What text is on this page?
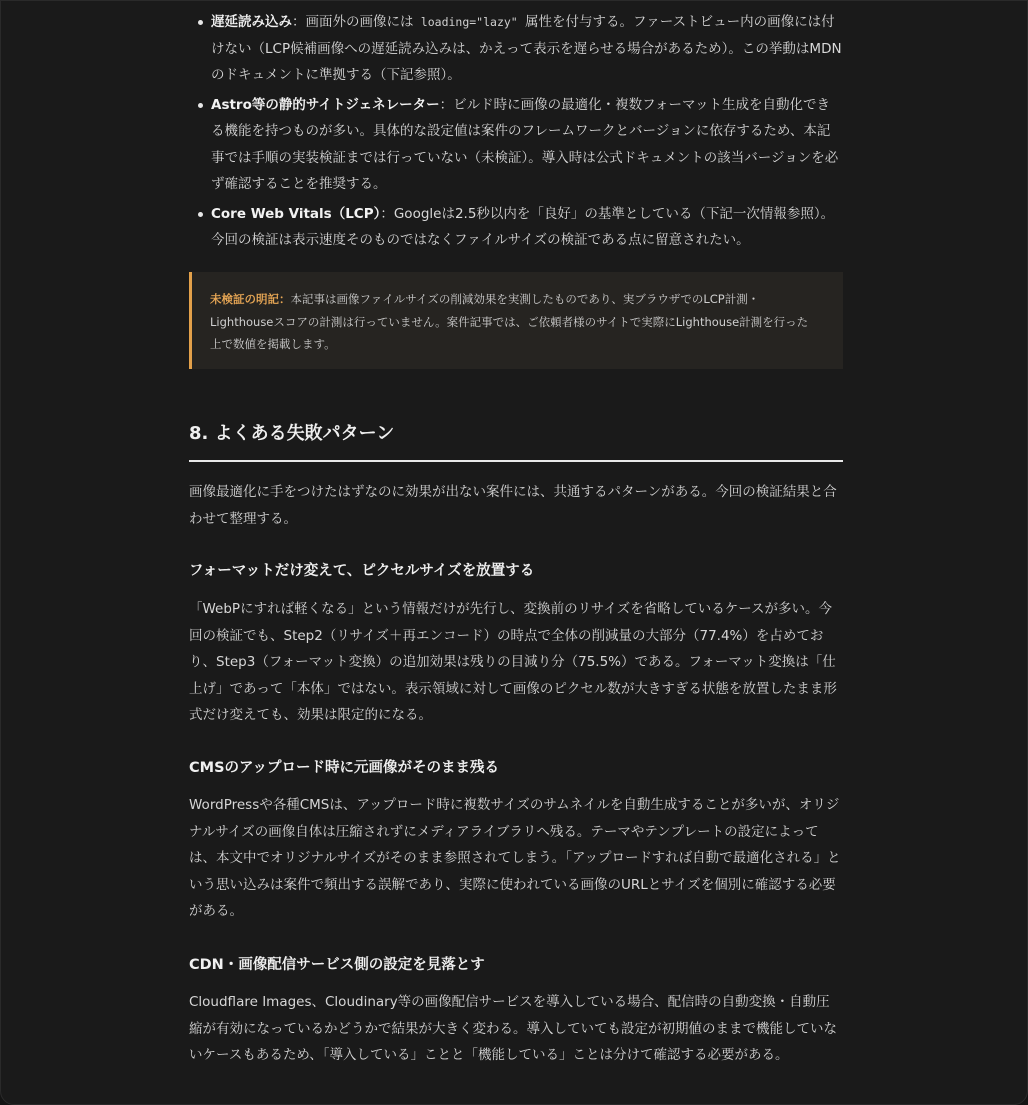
遅延読み込み：画面外の画像には loading="lazy" 属性を付与する。ファーストビュー内の画像には付けない（LCP候補画像への遅延読み込みは、かえって表示を遅らせる場合があるため）。この挙動はMDNのドキュメントに準拠する（下記参照）。
Astro等の静的サイトジェネレーター：ビルド時に画像の最適化・複数フォーマット生成を自動化できる機能を持つものが多い。具体的な設定値は案件のフレームワークとバージョンに依存するため、本記事では手順の実装検証までは行っていない（未検証）。導入時は公式ドキュメントの該当バージョンを必ず確認することを推奨する。
Core Web Vitals（LCP）：Googleは2.5秒以内を「良好」の基準としている（下記一次情報参照）。今回の検証は表示速度そのものではなくファイルサイズの検証である点に留意されたい。
未検証の明記：本記事は画像ファイルサイズの削減効果を実測したものであり、実ブラウザでのLCP計測・Lighthouseスコアの計測は行っていません。案件記事では、ご依頼者様のサイトで実際にLighthouse計測を行った上で数値を掲載します。
8. よくある失敗パターン

画像最適化に手をつけたはずなのに効果が出ない案件には、共通するパターンがある。今回の検証結果と合わせて整理する。

フォーマットだけ変えて、ピクセルサイズを放置する

「WebPにすれば軽くなる」という情報だけが先行し、変換前のリサイズを省略しているケースが多い。今回の検証でも、Step2（リサイズ＋再エンコード）の時点で全体の削減量の大部分（77.4%）を占めており、Step3（フォーマット変換）の追加効果は残りの目減り分（75.5%）である。フォーマット変換は「仕上げ」であって「本体」ではない。表示領域に対して画像のピクセル数が大きすぎる状態を放置したまま形式だけ変えても、効果は限定的になる。

CMSのアップロード時に元画像がそのまま残る

WordPressや各種CMSは、アップロード時に複数サイズのサムネイルを自動生成することが多いが、オリジナルサイズの画像自体は圧縮されずにメディアライブラリへ残る。テーマやテンプレートの設定によっては、本文中でオリジナルサイズがそのまま参照されてしまう。「アップロードすれば自動で最適化される」という思い込みは案件で頻出する誤解であり、実際に使われている画像のURLとサイズを個別に確認する必要がある。

CDN・画像配信サービス側の設定を見落とす

Cloudflare Images、Cloudinary等の画像配信サービスを導入している場合、配信時の自動変換・自動圧縮が有効になっているかどうかで結果が大きく変わる。導入していても設定が初期値のままで機能していないケースもあるため、「導入している」ことと「機能している」ことは分けて確認する必要がある。
